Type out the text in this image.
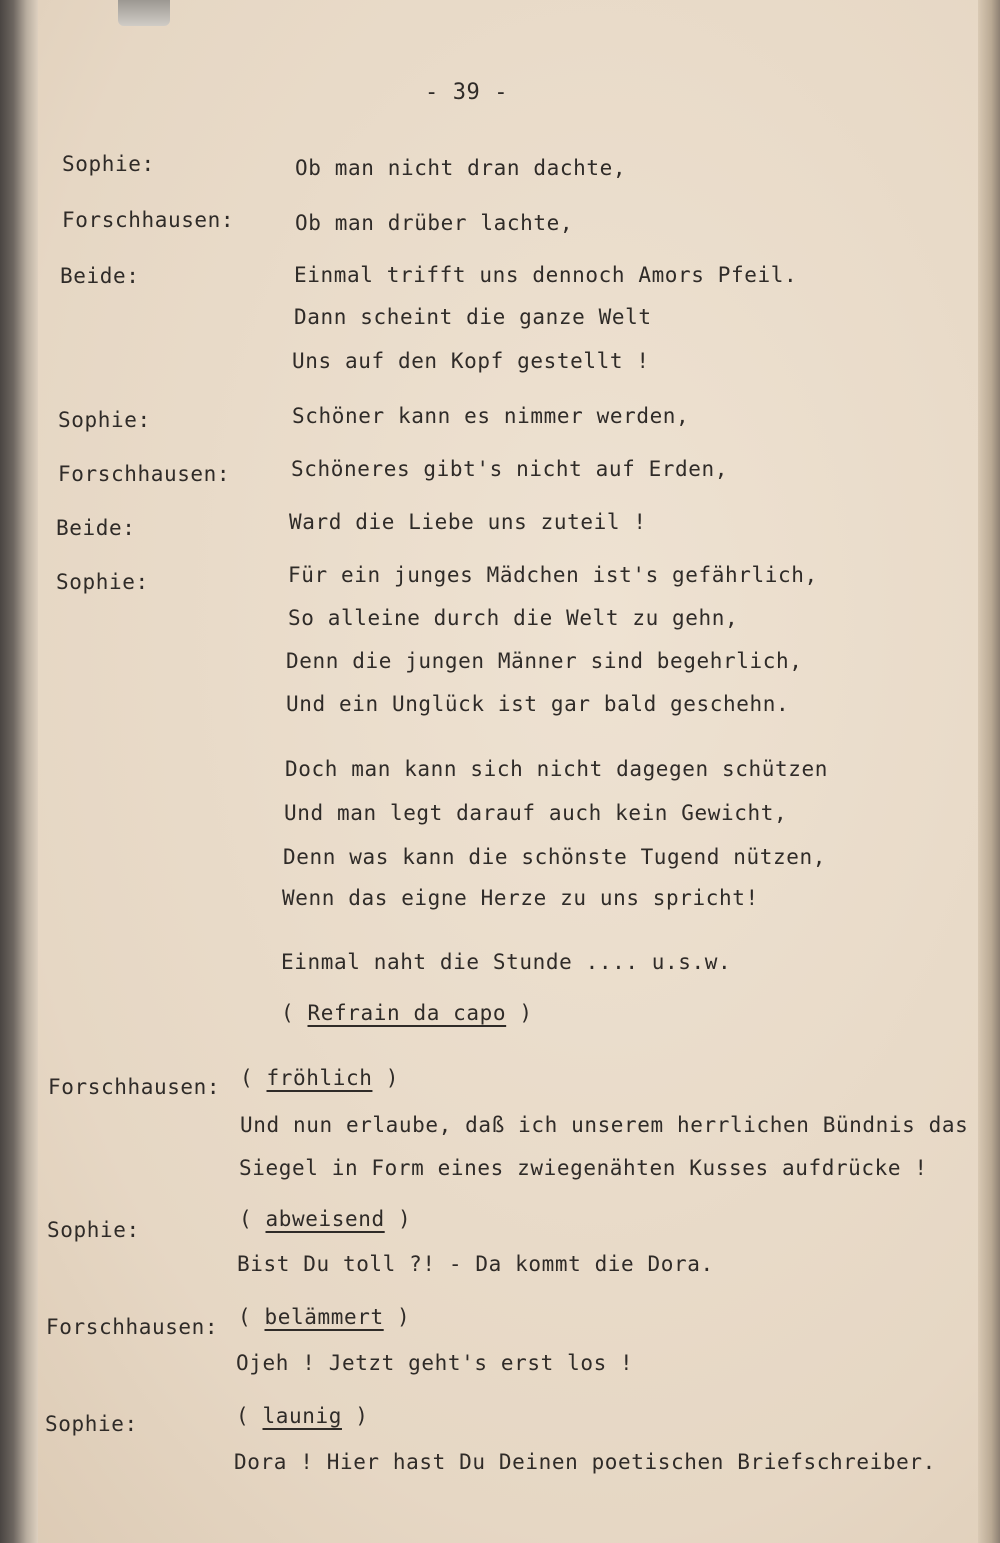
- 39 -
Sophie:	Ob man nicht dran dachte,
Forschhausen:	Ob man drüber lachte,
Beide:	Einmal trifft uns dennoch Amors Pfeil.
Dann scheint die ganze Welt
Uns auf den Kopf gestellt !
Sophie:	Schöner kann es nimmer werden,
Forschhausen:	Schöneres gibt's nicht auf Erden,
Beide:	Ward die Liebe uns zuteil !
Sophie:	Für ein junges Mädchen ist's gefährlich,
So alleine durch die Welt zu gehn,
Denn die jungen Männer sind begehrlich,
Und ein Unglück ist gar bald geschehn.
Doch man kann sich nicht dagegen schützen
Und man legt darauf auch kein Gewicht,
Denn was kann die schönste Tugend nützen,
Wenn das eigne Herze zu uns spricht!
Einmal naht die Stunde .... u.s.w.
( Refrain da capo )
Forschhausen: ( fröhlich )
Und nun erlaube, daß ich unserem herrlichen Bündnis das
Siegel in Form eines zwiegenähten Kusses aufdrücke !
Sophie:	( abweisend )
Bist Du toll ?! - Da kommt die Dora.
Forschhausen: ( belämmert )
Ojeh ! Jetzt geht's erst los !
Sophie:	( launig )
Dora ! Hier hast Du Deinen poetischen Briefschreiber.
